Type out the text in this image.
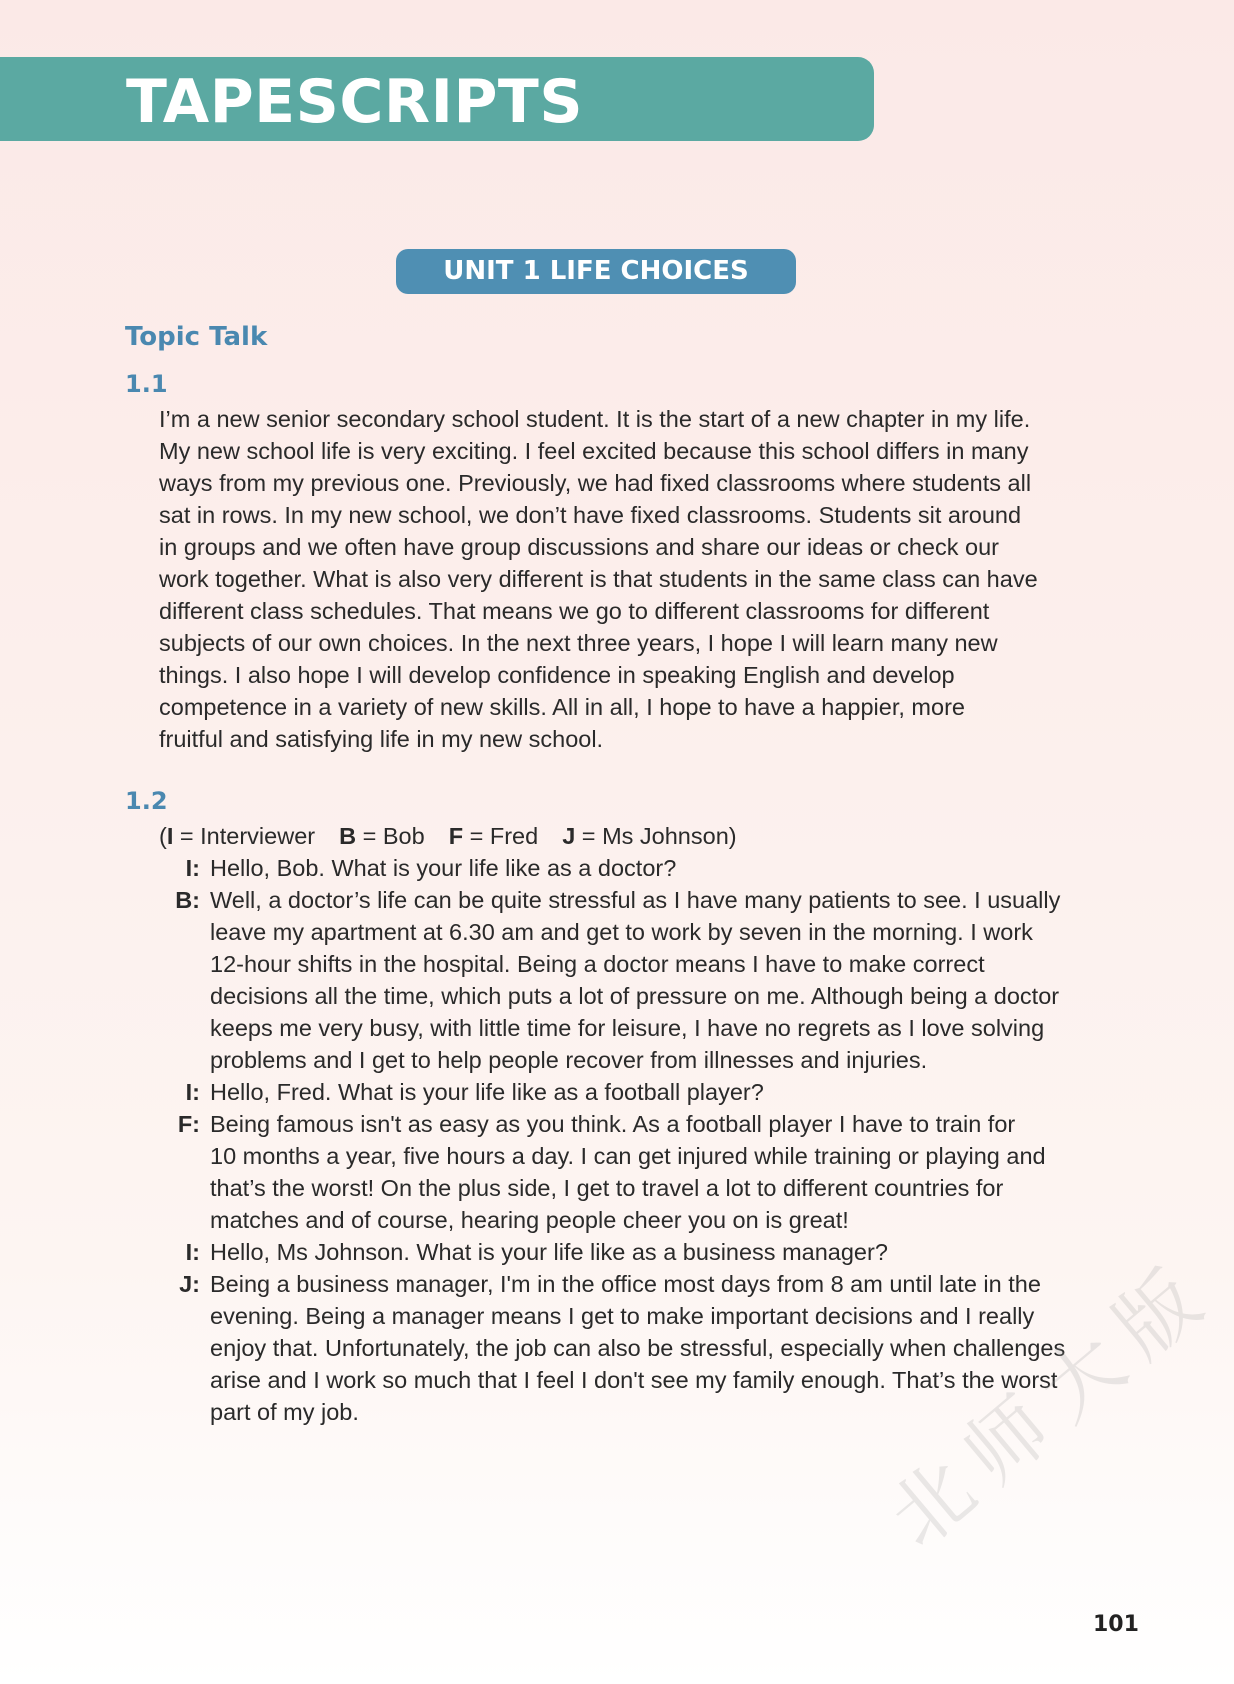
TAPESCRIPTS
UNIT 1 LIFE CHOICES
Topic Talk
1.1
I’m a new senior secondary school student. It is the start of a new chapter in my life.
My new school life is very exciting. I feel excited because this school differs in many
ways from my previous one. Previously, we had fixed classrooms where students all
sat in rows. In my new school, we don’t have fixed classrooms. Students sit around
in groups and we often have group discussions and share our ideas or check our
work together. What is also very different is that students in the same class can have
different class schedules. That means we go to different classrooms for different
subjects of our own choices. In the next three years, I hope I will learn many new
things. I also hope I will develop confidence in speaking English and develop
competence in a variety of new skills. All in all, I hope to have a happier, more
fruitful and satisfying life in my new school.
1.2
(I = Interviewer B = Bob F = Fred J = Ms Johnson)
I: Hello, Bob. What is your life like as a doctor?
B: Well, a doctor’s life can be quite stressful as I have many patients to see. I usually
leave my apartment at 6.30 am and get to work by seven in the morning. I work
12-hour shifts in the hospital. Being a doctor means I have to make correct
decisions all the time, which puts a lot of pressure on me. Although being a doctor
keeps me very busy, with little time for leisure, I have no regrets as I love solving
problems and I get to help people recover from illnesses and injuries.
I: Hello, Fred. What is your life like as a football player?
F: Being famous isn't as easy as you think. As a football player I have to train for
10 months a year, five hours a day. I can get injured while training or playing and
that’s the worst! On the plus side, I get to travel a lot to different countries for
matches and of course, hearing people cheer you on is great!
I: Hello, Ms Johnson. What is your life like as a business manager?
J: Being a business manager, I'm in the office most days from 8 am until late in the
evening. Being a manager means I get to make important decisions and I really
enjoy that. Unfortunately, the job can also be stressful, especially when challenges
arise and I work so much that I feel I don't see my family enough. That’s the worst
part of my job.	北师大版
101
